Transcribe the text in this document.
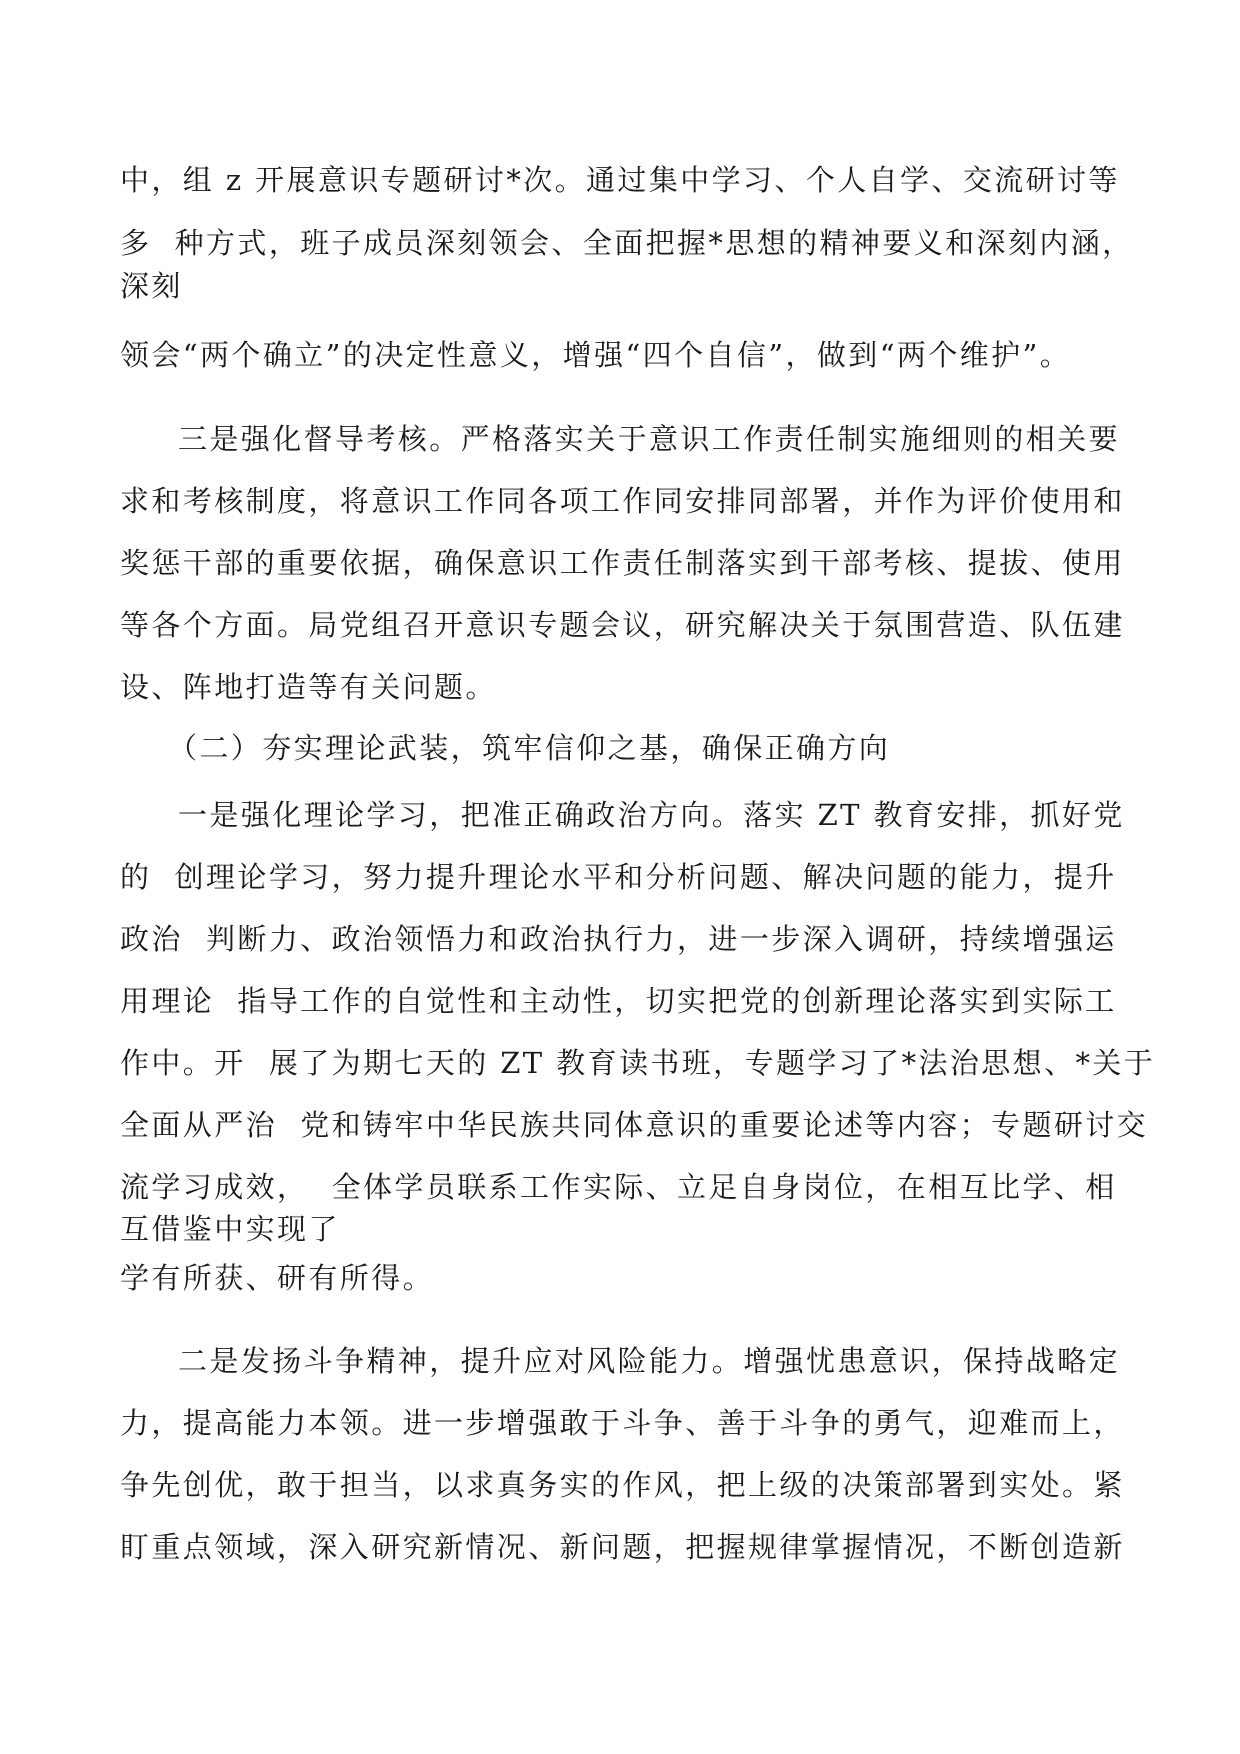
中，组 z 开展意识专题研讨*次。通过集中学习、个人自学、交流研讨等
多  种方式，班子成员深刻领会、全面把握*思想的精神要义和深刻内涵，
深刻
领会“两个确立”的决定性意义，增强“四个自信”，做到“两个维护”。
三是强化督导考核。严格落实关于意识工作责任制实施细则的相关要
求和考核制度，将意识工作同各项工作同安排同部署，并作为评价使用和
奖惩干部的重要依据，确保意识工作责任制落实到干部考核、提拔、使用
等各个方面。局党组召开意识专题会议，研究解决关于氛围营造、队伍建
设、阵地打造等有关问题。
（二）夯实理论武装，筑牢信仰之基，确保正确方向
一是强化理论学习，把准正确政治方向。落实 ZT 教育安排，抓好党
的  创理论学习，努力提升理论水平和分析问题、解决问题的能力，提升
政治  判断力、政治领悟力和政治执行力，进一步深入调研，持续增强运
用理论  指导工作的自觉性和主动性，切实把党的创新理论落实到实际工
作中。开  展了为期七天的 ZT 教育读书班，专题学习了*法治思想、*关于
全面从严治  党和铸牢中华民族共同体意识的重要论述等内容；专题研讨交
流学习成效，  全体学员联系工作实际、立足自身岗位，在相互比学、相
互借鉴中实现了
学有所获、研有所得。
二是发扬斗争精神，提升应对风险能力。增强忧患意识，保持战略定
力，提高能力本领。进一步增强敢于斗争、善于斗争的勇气，迎难而上，
争先创优，敢于担当，以求真务实的作风，把上级的决策部署到实处。紧
盯重点领域，深入研究新情况、新问题，把握规律掌握情况，不断创造新
